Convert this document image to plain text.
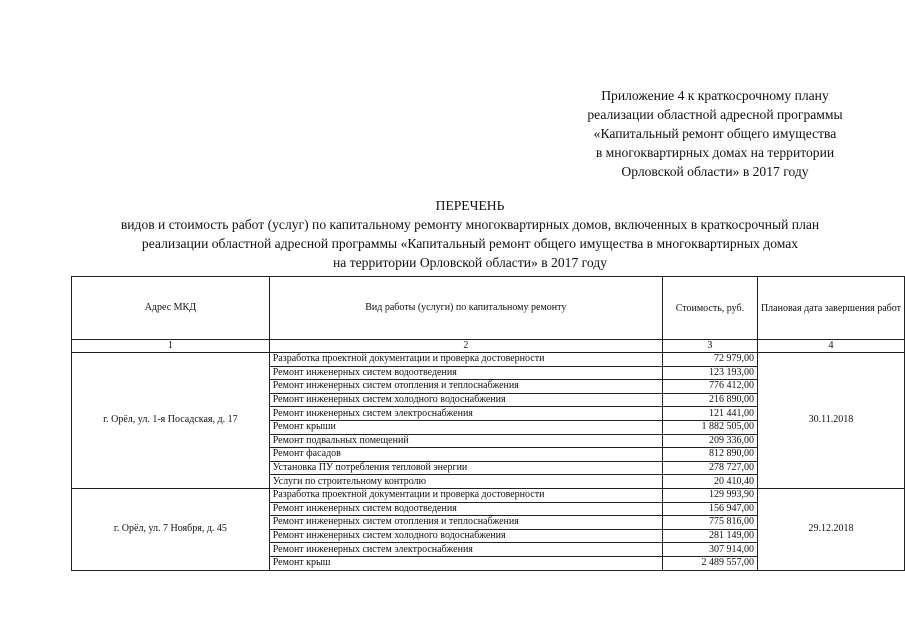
Приложение 4 к краткосрочному плану
реализации областной адресной программы
«Капитальный ремонт общего имущества
в многоквартирных домах на территории
Орловской области» в 2017 году
ПЕРЕЧЕНЬ
видов и стоимость работ (услуг) по капитальному ремонту многоквартирных домов, включенных в краткосрочный план
реализации областной адресной программы «Капитальный ремонт общего имущества в многоквартирных домах
на территории Орловской области» в 2017 году
Адрес МКД	Вид работы (услуги) по капитальному ремонту	Стоимость, руб.	Плановая дата завершения работ
1	2	3	4
г. Орёл, ул. 1-я Посадская, д. 17	Разработка проектной документации и проверка достоверности	72 979,00	30.11.2018
	Ремонт инженерных систем водоотведения	123 193,00	
	Ремонт инженерных систем отопления и теплоснабжения	776 412,00	
	Ремонт инженерных систем холодного водоснабжения	216 890,00	
	Ремонт инженерных систем электроснабжения	121 441,00	
	Ремонт крыши	1 882 505,00	
	Ремонт подвальных помещений	209 336,00	
	Ремонт фасадов	812 890,00	
	Установка ПУ потребления тепловой энергии	278 727,00	
	Услуги по строительному контролю	20 410,40	
г. Орёл, ул. 7 Ноября, д. 45	Разработка проектной документации и проверка достоверности	129 993,90	29.12.2018
	Ремонт инженерных систем водоотведения	156 947,00	
	Ремонт инженерных систем отопления и теплоснабжения	775 816,00	
	Ремонт инженерных систем холодного водоснабжения	281 149,00	
	Ремонт инженерных систем электроснабжения	307 914,00	
	Ремонт крыш	2 489 557,00	
